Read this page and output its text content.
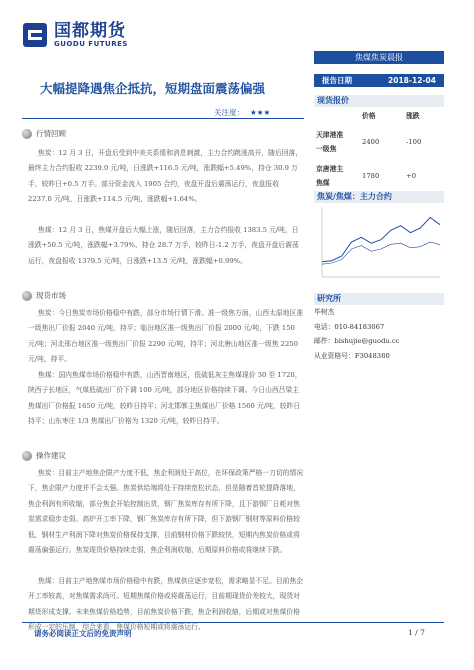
国都期货
GUODU FUTURES
焦煤焦炭晨报
大幅提降遇焦企抵抗，短期盘面震荡偏强
报告日期	2018-12-04
关注度： ★★★
行情回顾

焦炭：12 月 3 日，开盘后受到中美关系缓和消息刺激，主力合约跳涨高开，随后回落，最终主力合约报收 2239.0 元/吨，日涨跌+116.5 元/吨，涨跌幅+5.49%，持仓 30.9 万手，较昨日+0.5 万手。部分资金流入 1905 合约，夜盘开盘后震荡运行，夜盘报收 2237.0 元/吨，日涨跌+114.5 元/吨，涨跌幅+1.64%。

焦煤：12 月 3 日，焦煤开盘后大幅上涨，随后回落，主力合约报收 1383.5 元/吨，日涨跌+50.5 元/吨，涨跌幅+3.79%，持仓 28.7 万手，较昨日-1.2 万手，夜盘开盘后震荡运行，夜盘报收 1379.5 元/吨，日涨跌+13.5 元/吨，涨跌幅+0.99%。

现货市场

焦炭：今日焦炭市场价格稳中有跌，部分市场行情下滑。准一级焦方面，山西太原地区准一级焦出厂价报 2040 元/吨，持平；临汾地区准一级焦出厂价报 2000 元/吨，下跌 150 元/吨；河北邢台地区准一级焦出厂价报 2290 元/吨，持平；河北唐山地区准一级焦 2250 元/吨，持平。

焦煤：国内焦煤市场价格稳中有跌，山西晋南地区，低硫低灰主焦煤现价 30 至 1720，陕西子长地区，气煤低硫出厂价下调 100 元/吨，部分地区价格持续下调。今日山西吕梁主焦煤出厂价格报 1650 元/吨，较昨日持平；河北邯郸主焦煤出厂价格 1560 元/吨，较昨日持平；山东枣庄 1/3 焦煤出厂价格为 1320 元/吨，较昨日持平。

操作建议

焦炭：目前主产地焦企限产力度不低，焦企利润处于高位，在环保政策严格一刀切的情况下，焦企限产力度并不会太强。焦炭供给端将处于持续宽松状态，但是随着首轮提降落地，焦企利润有所收缩，部分焦企开始控制出货，钢厂焦炭库存有所下降，且下游钢厂日耗对焦炭需求稳步走弱。高炉开工率下降，钢厂焦炭库存有所下降，但下游钢厂钢材等原料价格较低，钢材生产利润下降对焦炭价格保持支撑，目前钢材价格下跌较快，短期内焦炭价格或将震荡偏强运行。焦炭现货价格持续走弱，焦企利润收缩，后期原料价格或将继续下跌。

焦煤：目前主产地焦煤市场价格稳中有跌，焦煤供应逐步宽松，需求略显不足。目前焦企开工率较高，对焦煤需求尚可。短期焦煤价格或将震荡运行，目前期现货价差较大，现货对期货形成支撑。未来焦煤价格趋势，目前焦炭价格下跌，焦企利润收缩，后期或对焦煤价格形成一定的压制，综合来看，焦煤价格短期或将震荡运行。

现货报价
价格	涨跌
天津港准
一级焦
2400	-100
京唐港主
焦煤
1780	+0
焦炭/焦煤：主力合约
研究所
毕树杰
电话：010-84183067
邮件：bishujie@guodu.cc
从业资格号：F3048380
请务必阅读正文后的免责声明	1 / 7
